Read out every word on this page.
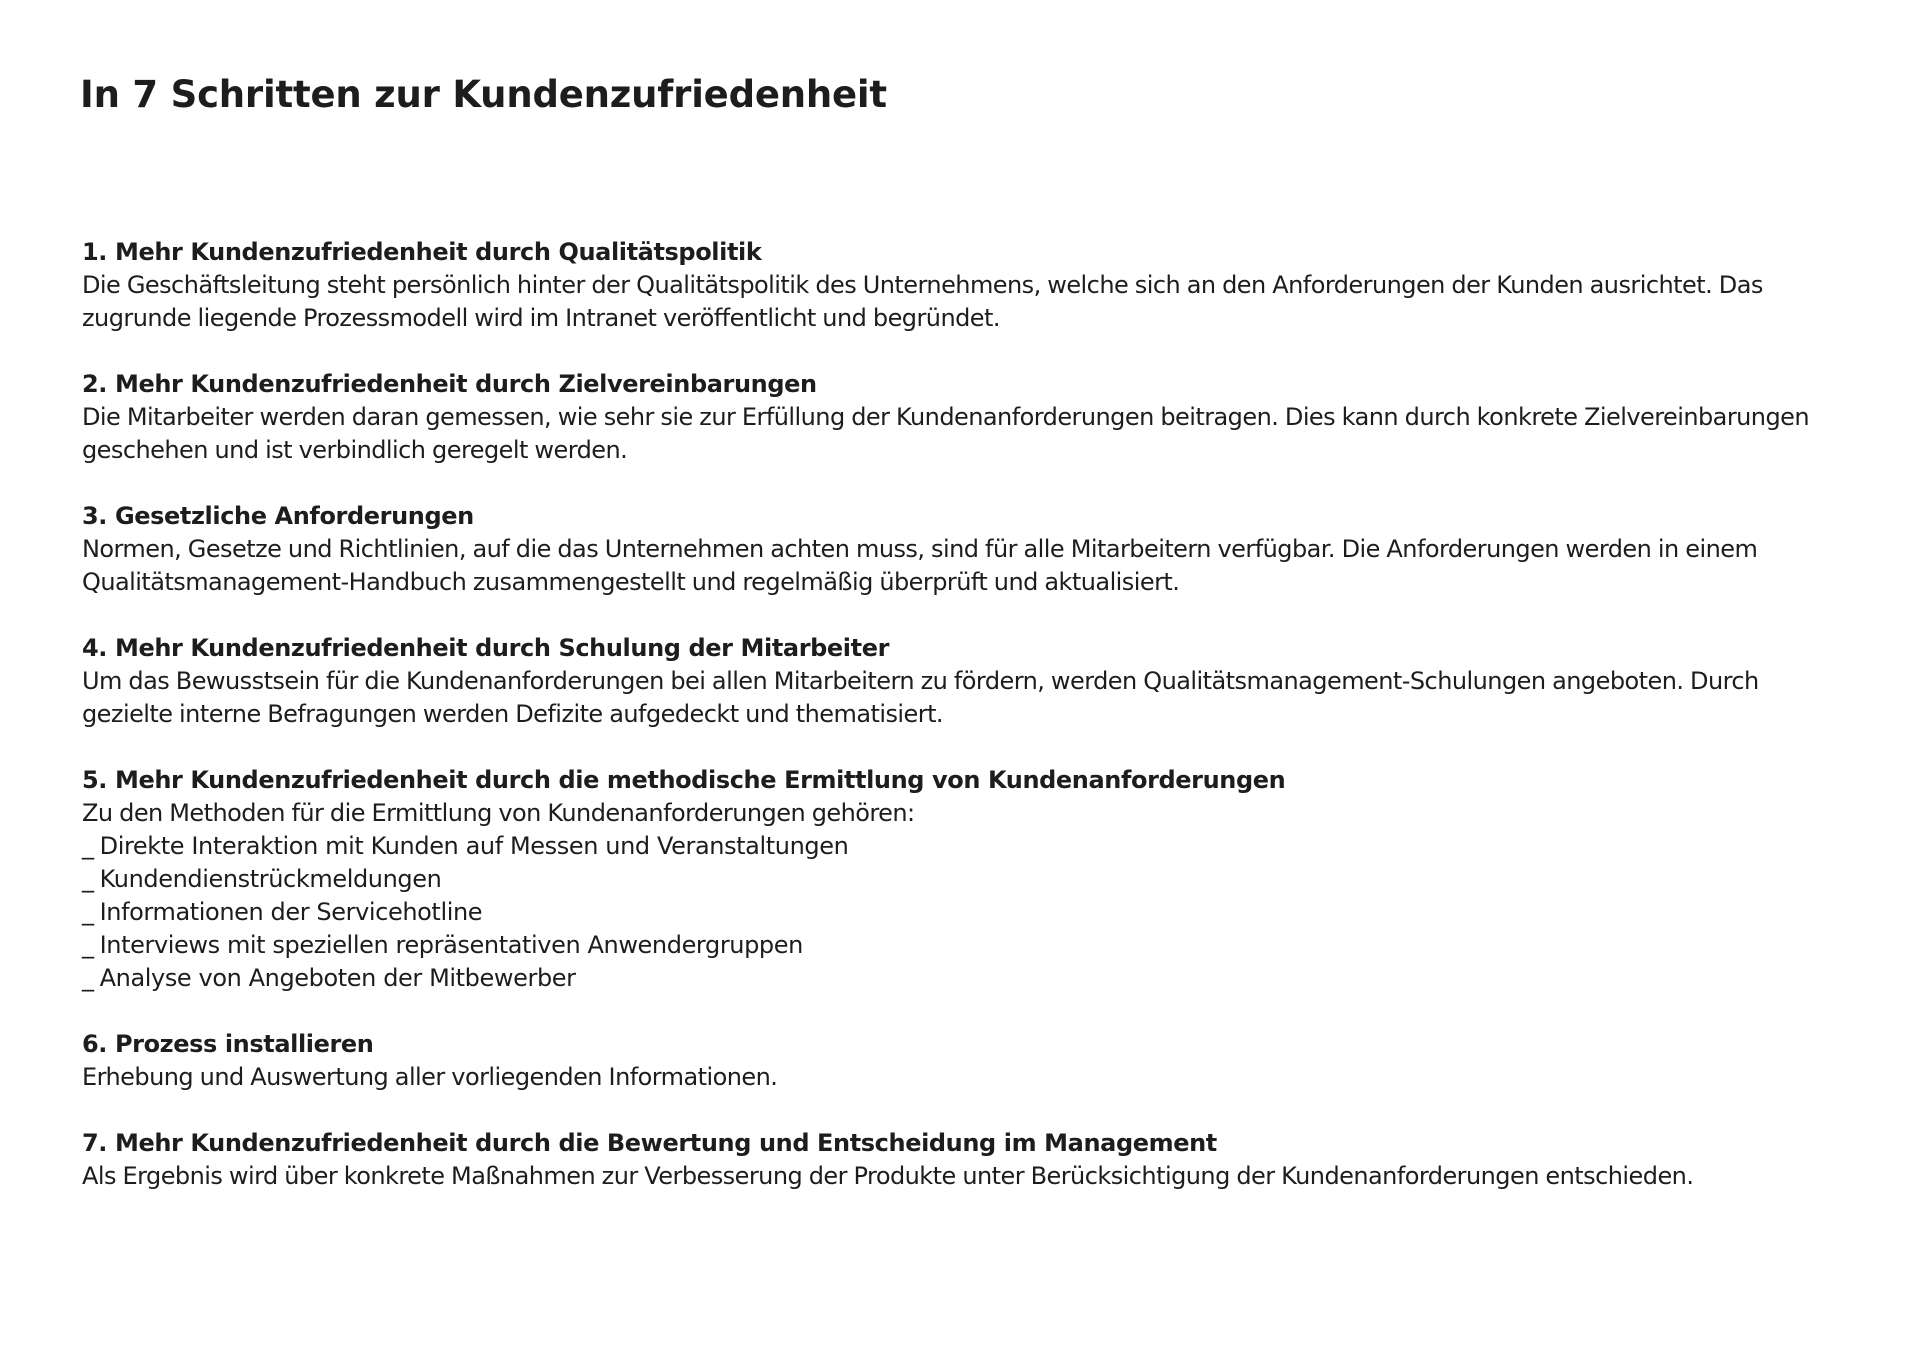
In 7 Schritten zur Kundenzufriedenheit

1. Mehr Kundenzufriedenheit durch Qualitätspolitik

Die Geschäftsleitung steht persönlich hinter der Qualitätspolitik des Unternehmens, welche sich an den Anforderungen der Kunden ausrichtet. Das zugrunde liegende Prozessmodell wird im Intranet veröffentlicht und begründet.

2. Mehr Kundenzufriedenheit durch Zielvereinbarungen

Die Mitarbeiter werden daran gemessen, wie sehr sie zur Erfüllung der Kundenanforderungen beitragen. Dies kann durch konkrete Zielvereinbarungen geschehen und ist verbindlich geregelt werden.

3. Gesetzliche Anforderungen

Normen, Gesetze und Richtlinien, auf die das Unternehmen achten muss, sind für alle Mitarbeitern verfügbar. Die Anforderungen werden in einem Qualitätsmanagement-Handbuch zusammengestellt und regelmäßig überprüft und aktualisiert.

4. Mehr Kundenzufriedenheit durch Schulung der Mitarbeiter

Um das Bewusstsein für die Kundenanforderungen bei allen Mitarbeitern zu fördern, werden Qualitätsmanagement-Schulungen angeboten. Durch gezielte interne Befragungen werden Defizite aufgedeckt und thematisiert.

5. Mehr Kundenzufriedenheit durch die methodische Ermittlung von Kundenanforderungen

Zu den Methoden für die Ermittlung von Kundenanforderungen gehören:

_ Direkte Interaktion mit Kunden auf Messen und Veranstaltungen
_ Kundendienstrückmeldungen
_ Informationen der Servicehotline
_ Interviews mit speziellen repräsentativen Anwendergruppen
_ Analyse von Angeboten der Mitbewerber

6. Prozess installieren

Erhebung und Auswertung aller vorliegenden Informationen.

7. Mehr Kundenzufriedenheit durch die Bewertung und Entscheidung im Management

Als Ergebnis wird über konkrete Maßnahmen zur Verbesserung der Produkte unter Berücksichtigung der Kundenanforderungen entschieden.
